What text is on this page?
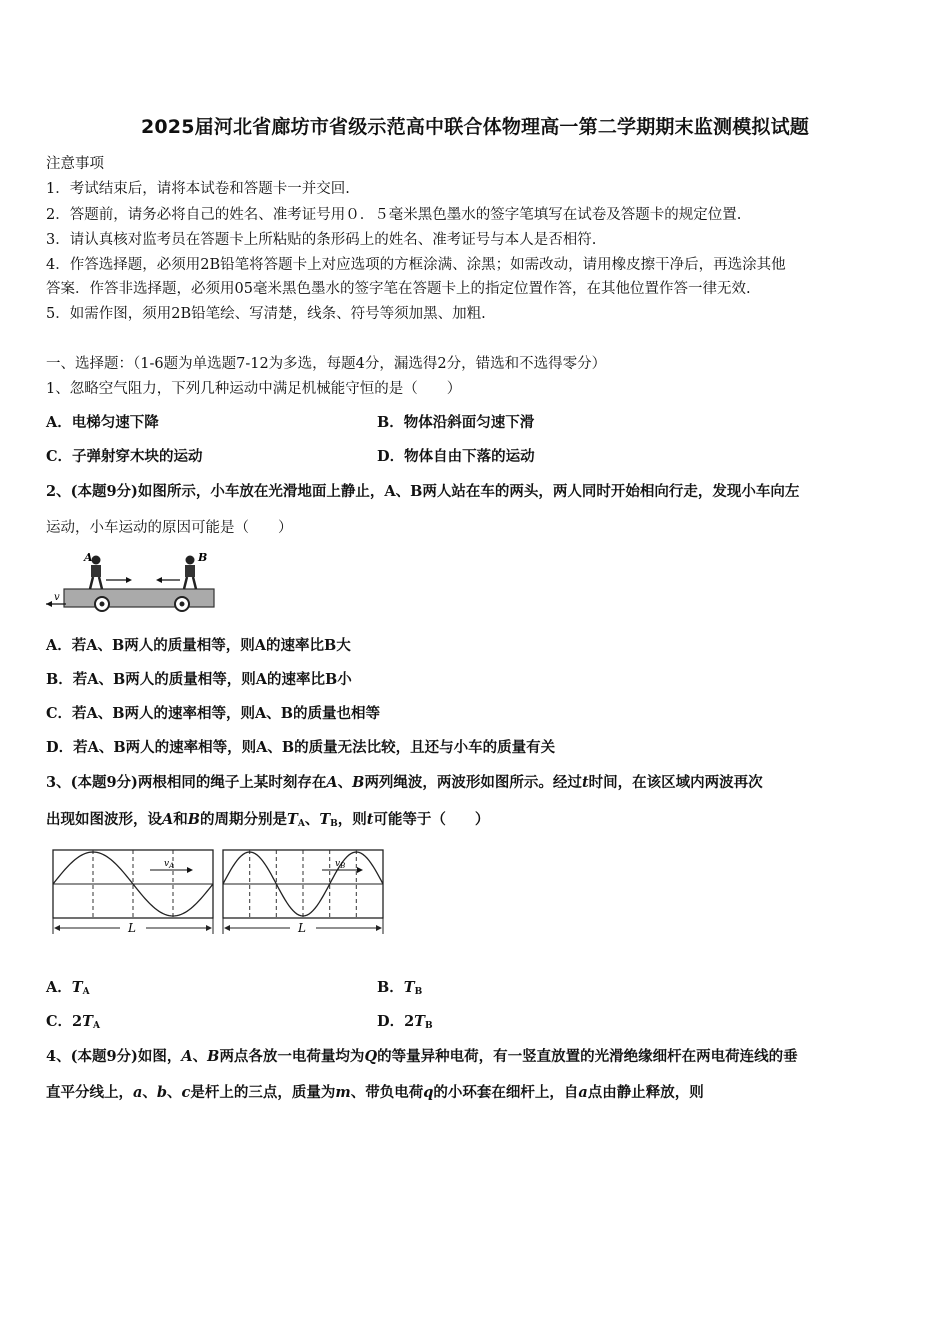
2025届河北省廊坊市省级示范高中联合体物理高一第二学期期末监测模拟试题
注意事项
1．考试结束后，请将本试卷和答题卡一并交回.
2．答题前，请务必将自己的姓名、准考证号用０．５毫米黑色墨水的签字笔填写在试卷及答题卡的规定位置.
3．请认真核对监考员在答题卡上所粘贴的条形码上的姓名、准考证号与本人是否相符.
4．作答选择题，必须用2B铅笔将答题卡上对应选项的方框涂满、涂黑；如需改动，请用橡皮擦干净后，再选涂其他
答案．作答非选择题，必须用05毫米黑色墨水的签字笔在答题卡上的指定位置作答，在其他位置作答一律无效.
5．如需作图，须用2B铅笔绘、写清楚，线条、符号等须加黑、加粗.
一、选择题：（1-6题为单选题7-12为多选，每题4分，漏选得2分，错选和不选得零分）
1、忽略空气阻力，下列几种运动中满足机械能守恒的是（　　）
A．电梯匀速下降	B．物体沿斜面匀速下滑
C．子弹射穿木块的运动	D．物体自由下落的运动
2、(本题9分)如图所示，小车放在光滑地面上静止，A、B两人站在车的两头，两人同时开始相向行走，发现小车向左
运动，小车运动的原因可能是（　　）
v
A	B
A．若A、B两人的质量相等，则A的速率比B大
B．若A、B两人的质量相等，则A的速率比B小
C．若A、B两人的速率相等，则A、B的质量也相等
D．若A、B两人的速率相等，则A、B的质量无法比较，且还与小车的质量有关
3、(本题9分)两根相同的绳子上某时刻存在A、B两列绳波，两波形如图所示。经过t时间，在该区域内两波再次
出现如图波形，设A和B的周期分别是$T_A$、$T_B$，则t可能等于（　　）
$v_A$
L
$v_B$
L
A．$T_A$	B．$T_B$
C．$2T_A$	D．$2T_B$
4、(本题9分)如图，A、B两点各放一电荷量均为Q的等量异种电荷，有一竖直放置的光滑绝缘细杆在两电荷连线的垂
直平分线上，a、b、c是杆上的三点，质量为m、带负电荷q的小环套在细杆上，自a点由静止释放，则
